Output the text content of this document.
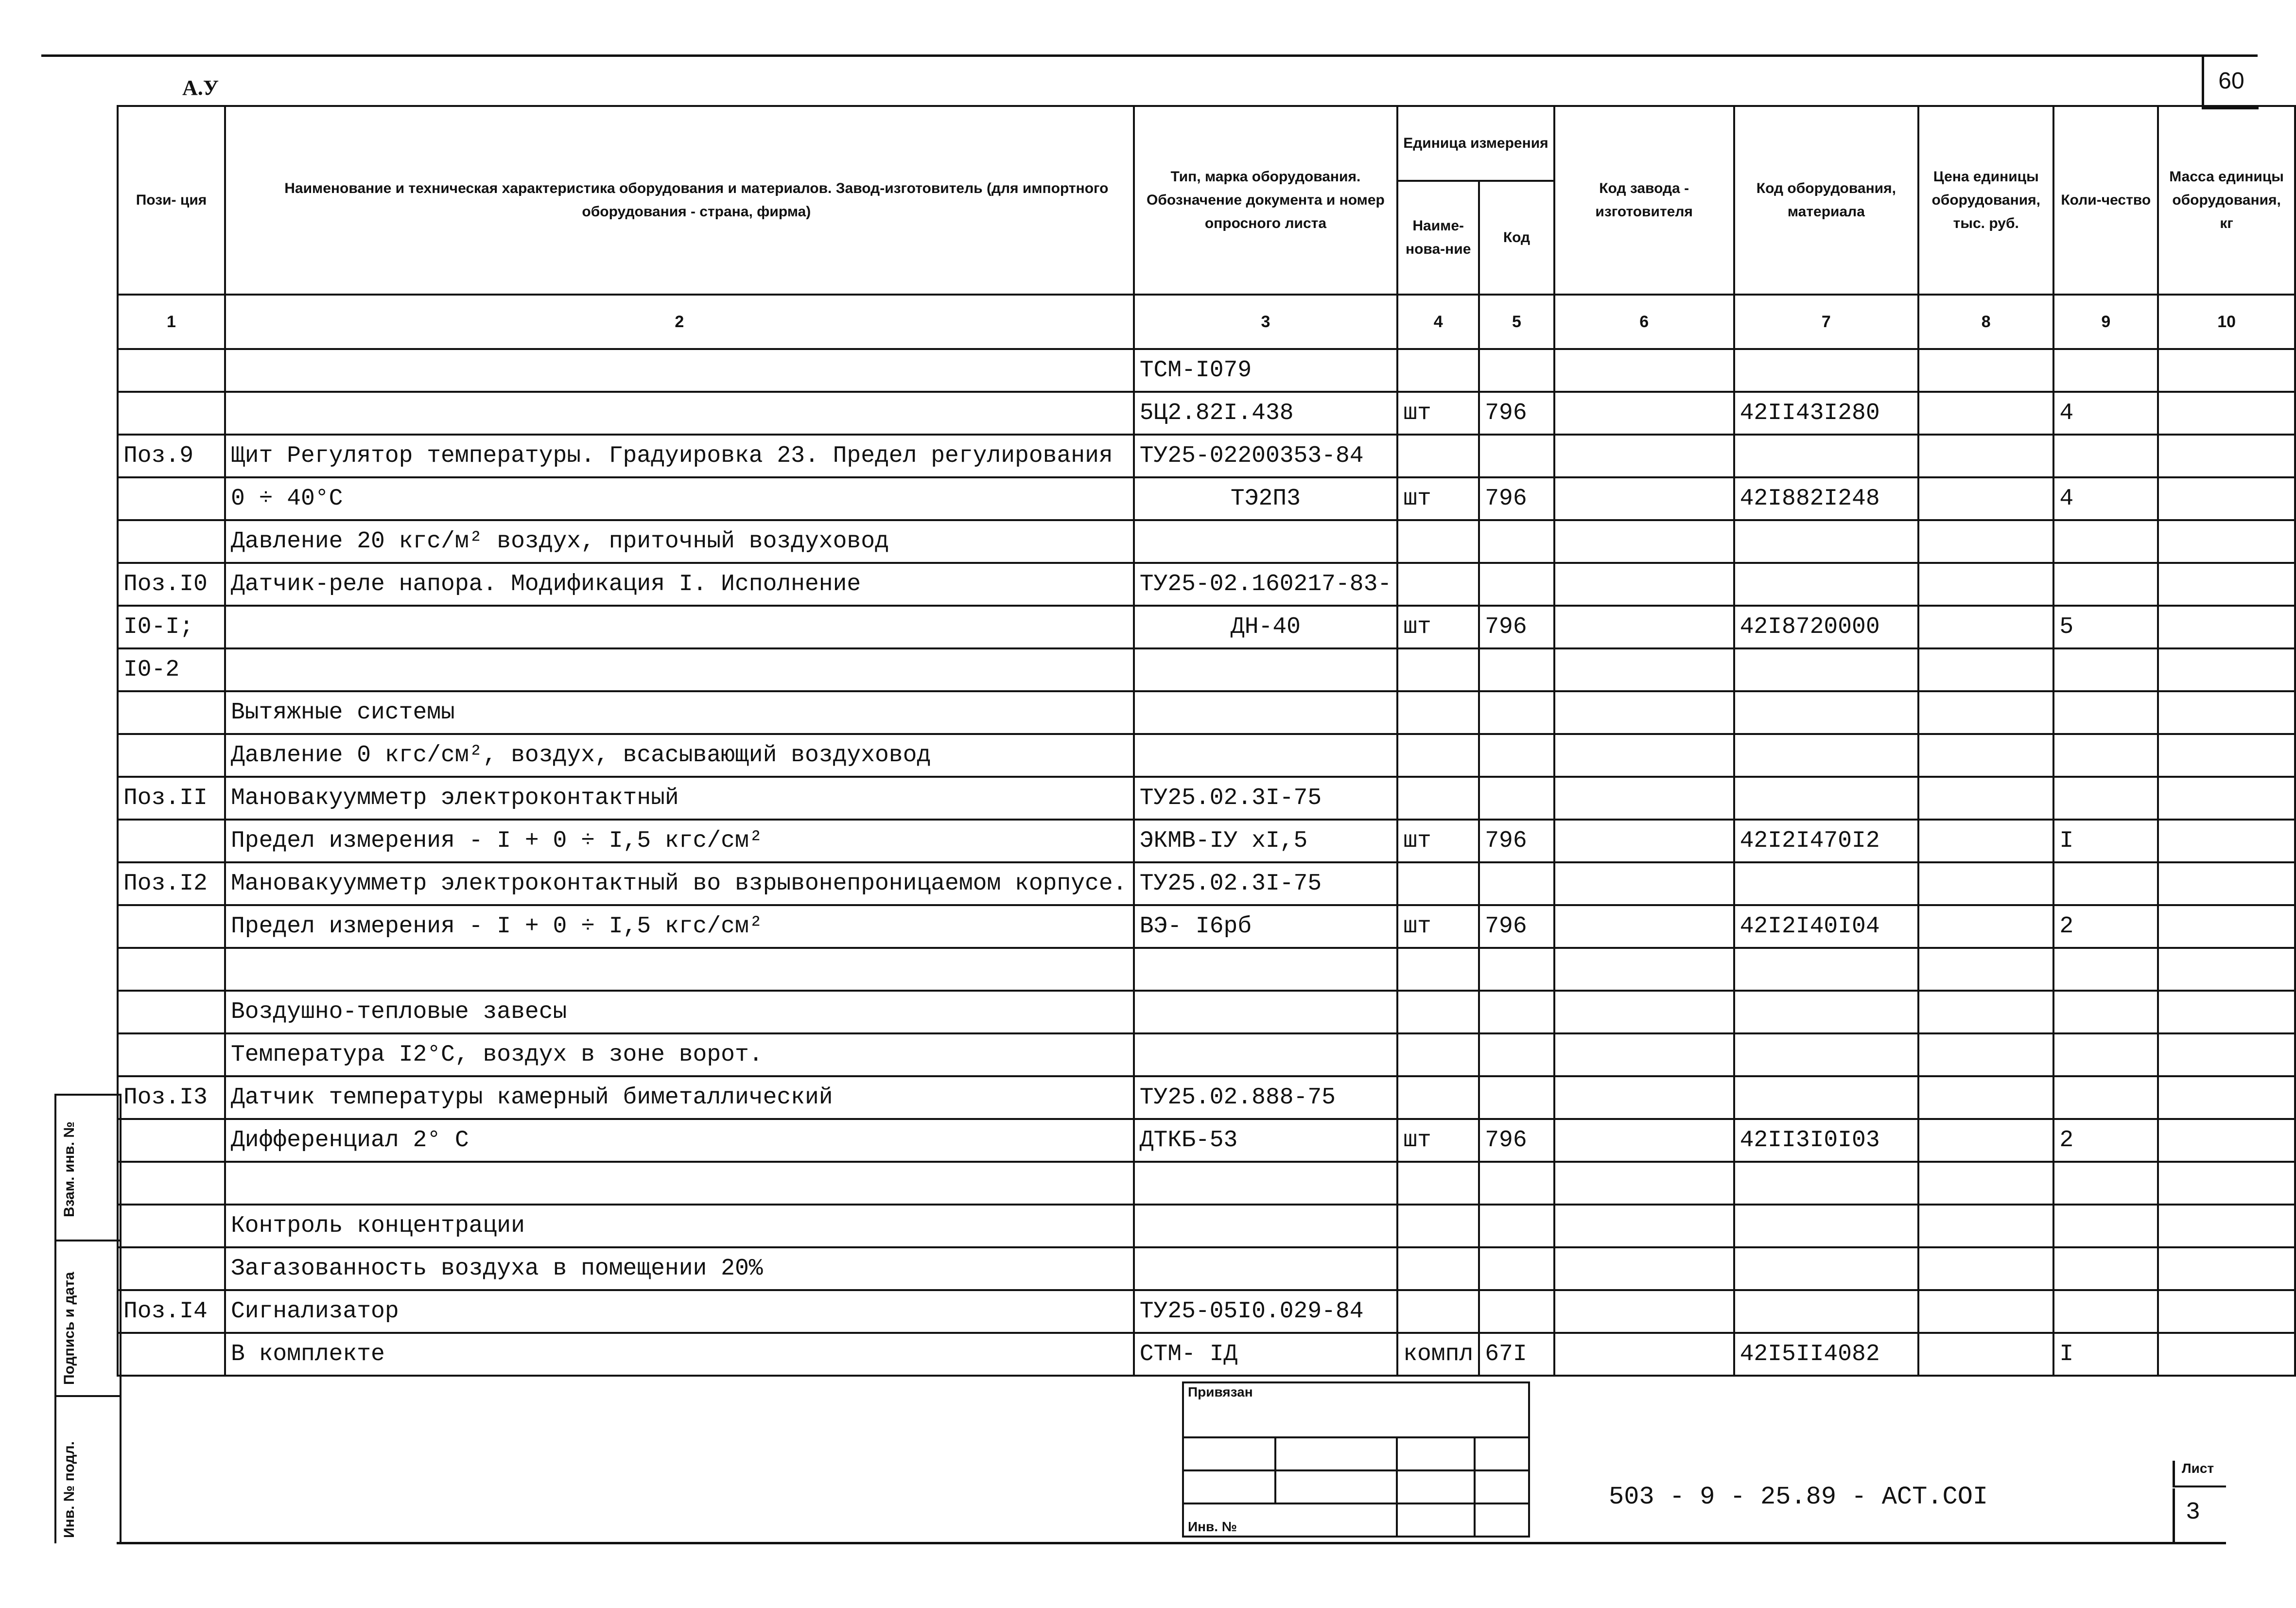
60
А.У
Пози- ция	Наименование и техническая характеристика оборудования и материалов. Завод-изготовитель (для импортного оборудования - страна, фирма)	Тип, марка оборудования. Обозначение документа и номер опросного листа	Единица измерения		Код завода - изготовителя	Код оборудования, материала	Цена единицы оборудования, тыс. руб.	Коли-чество	Масса единицы оборудования, кг
			Наиме-нова-ние	Код					
1	2	3	4	5	6	7	8	9	10
		ТСМ-I079							
		5Ц2.82I.438	шт	796		42II43I280		4	
Поз.9	Щит Регулятор температуры. Градуировка 23. Предел регулирования	ТУ25-02200353-84							
	0 ÷ 40°С	ТЭ2П3	шт	796		42I882I248		4	
	Давление 20 кгс/м² воздух, приточный воздуховод								
Поз.I0	Датчик-реле напора. Модификация I. Исполнение	ТУ25-02.160217-83-							
I0-I;		ДН-40	шт	796		42I8720000		5	
I0-2									
	Вытяжные системы								
	Давление 0 кгс/см², воздух, всасывающий воздуховод								
Поз.II	Мановакуумметр электроконтактный	ТУ25.02.3I-75							
	Предел измерения - I + 0 ÷ I,5 кгс/см²	ЭКМВ-IУ хI,5	шт	796		42I2I470I2		I	
Поз.I2	Мановакуумметр электроконтактный во взрывонепроницаемом корпусе.	ТУ25.02.3I-75							
	Предел измерения - I + 0 ÷ I,5 кгс/см²	ВЭ- I6рб	шт	796		42I2I40I04		2	

	Воздушно-тепловые завесы								
	Температура I2°С, воздух в зоне ворот.								
Поз.I3	Датчик температуры камерный биметаллический	ТУ25.02.888-75							
	Дифференциал 2° С	ДТКБ-53	шт	796		42II3I0I03		2	

	Контроль концентрации								
	Загазованность воздуха в помещении 20%								
Поз.I4	Сигнализатор	ТУ25-05I0.029-84							
	В комплекте	СТМ- IД	компл	67I		42I5II4082		I	
Взам. инв. №
Подпись и дата
Инв. № подл.
Привязан			

Инв. №			
503 - 9 - 25.89 - АСТ.СОI
Лист
3
